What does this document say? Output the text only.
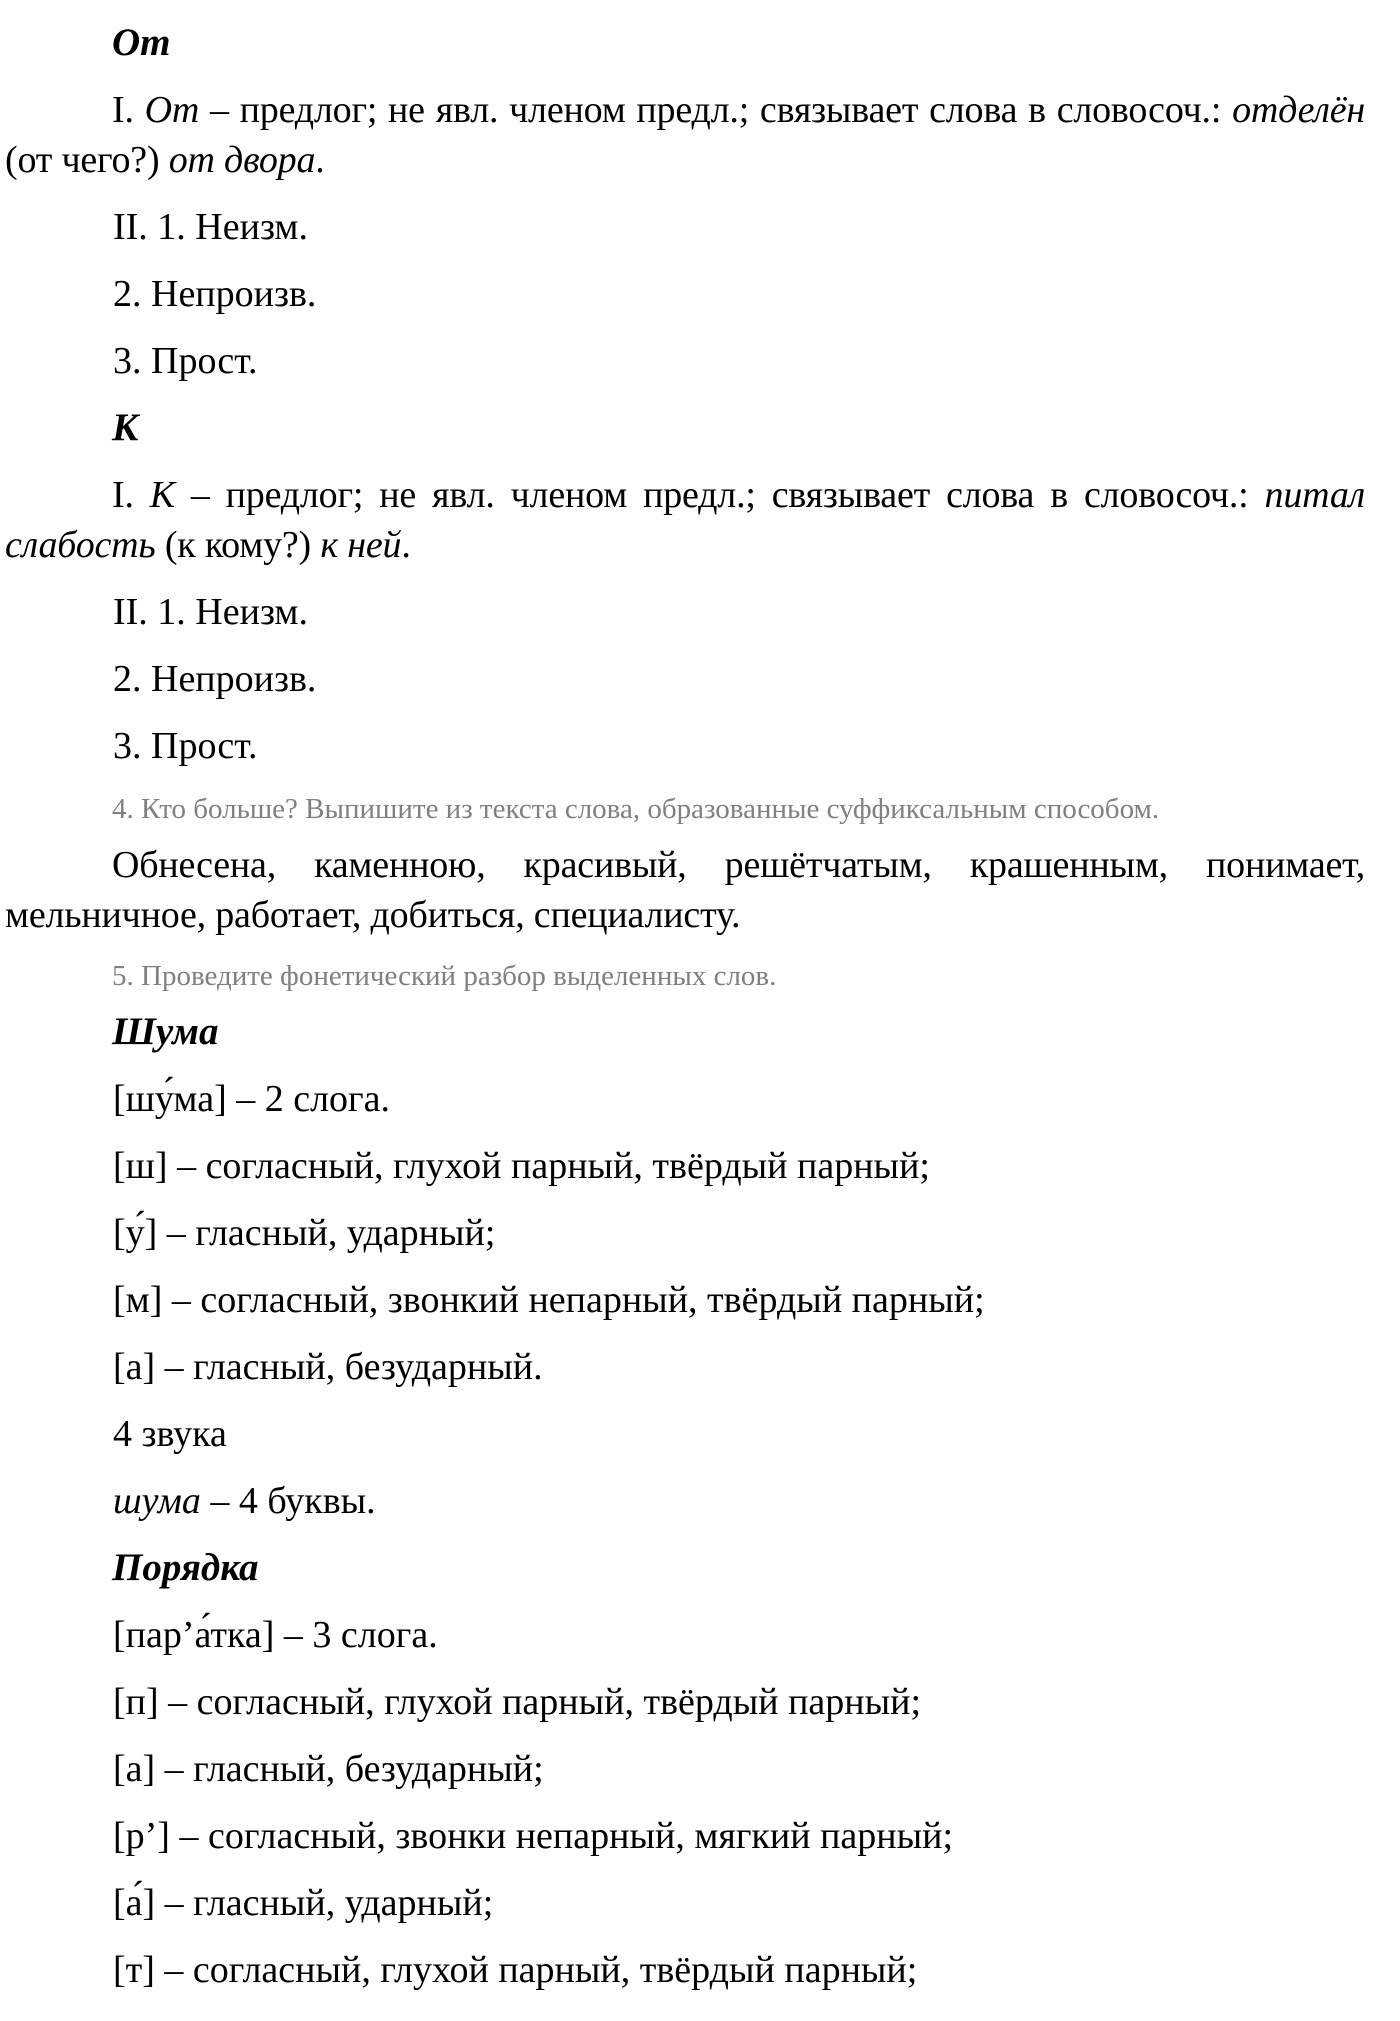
От
I. От – предлог; не явл. членом предл.; связывает слова в словосоч.: отделён (от чего?) от двора.
II. 1. Неизм.
2. Непроизв.
3. Прост.
К
I. К – предлог; не явл. членом предл.; связывает слова в словосоч.: питал слабость (к кому?) к ней.
II. 1. Неизм.
2. Непроизв.
3. Прост.
4. Кто больше? Выпишите из текста слова, образованные суффиксальным способом.
Обнесена, каменною, красивый, решётчатым, крашенным, понимает, мельничное, работает, добиться, специалисту.
5. Проведите фонетический разбор выделенных слов.
Шума
[шу́ма] – 2 слога.
[ш] – согласный, глухой парный, твёрдый парный;
[у́] – гласный, ударный;
[м] – согласный, звонкий непарный, твёрдый парный;
[а] – гласный, безударный.
4 звука
шума – 4 буквы.
Порядка
[пар’а́тка] – 3 слога.
[п] – согласный, глухой парный, твёрдый парный;
[а] – гласный, безударный;
[р’] – согласный, звонки непарный, мягкий парный;
[а́] – гласный, ударный;
[т] – согласный, глухой парный, твёрдый парный;
